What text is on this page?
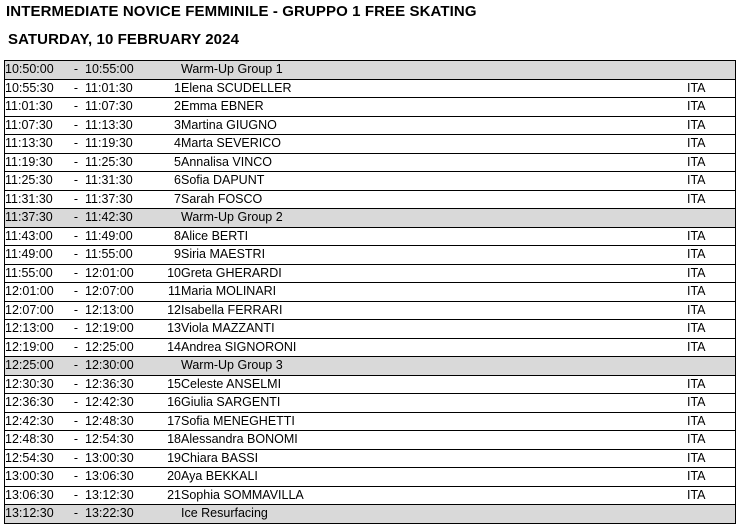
INTERMEDIATE NOVICE FEMMINILE - GRUPPO 1 FREE SKATING
SATURDAY, 10 FEBRUARY 2024
10:50:00	-	10:55:00		Warm-Up Group 1	
10:55:30	-	11:01:30	1	Elena SCUDELLER	ITA
11:01:30	-	11:07:30	2	Emma EBNER	ITA
11:07:30	-	11:13:30	3	Martina GIUGNO	ITA
11:13:30	-	11:19:30	4	Marta SEVERICO	ITA
11:19:30	-	11:25:30	5	Annalisa VINCO	ITA
11:25:30	-	11:31:30	6	Sofia DAPUNT	ITA
11:31:30	-	11:37:30	7	Sarah FOSCO	ITA
11:37:30	-	11:42:30		Warm-Up Group 2	
11:43:00	-	11:49:00	8	Alice BERTI	ITA
11:49:00	-	11:55:00	9	Siria MAESTRI	ITA
11:55:00	-	12:01:00	10	Greta GHERARDI	ITA
12:01:00	-	12:07:00	11	Maria MOLINARI	ITA
12:07:00	-	12:13:00	12	Isabella FERRARI	ITA
12:13:00	-	12:19:00	13	Viola MAZZANTI	ITA
12:19:00	-	12:25:00	14	Andrea SIGNORONI	ITA
12:25:00	-	12:30:00		Warm-Up Group 3	
12:30:30	-	12:36:30	15	Celeste ANSELMI	ITA
12:36:30	-	12:42:30	16	Giulia SARGENTI	ITA
12:42:30	-	12:48:30	17	Sofia MENEGHETTI	ITA
12:48:30	-	12:54:30	18	Alessandra BONOMI	ITA
12:54:30	-	13:00:30	19	Chiara BASSI	ITA
13:00:30	-	13:06:30	20	Aya BEKKALI	ITA
13:06:30	-	13:12:30	21	Sophia SOMMAVILLA	ITA
13:12:30	-	13:22:30		Ice Resurfacing	
